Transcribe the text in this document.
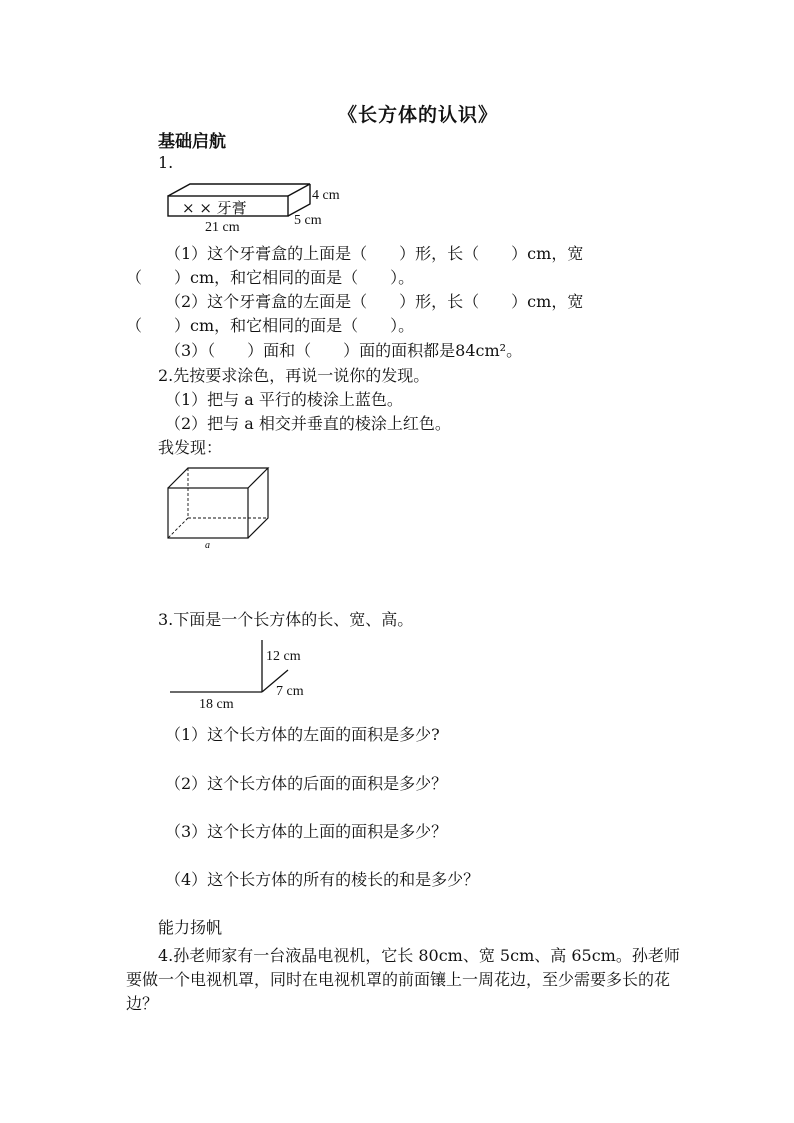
《长方体的认识》
基础启航
1.
× × 牙膏
21 cm	5 cm
4 cm
（1）这个牙膏盒的上面是（　　）形，长（　　）cm，宽
（　　）cm，和它相同的面是（　　）。
（2）这个牙膏盒的左面是（　　）形，长（　　）cm，宽
（　　）cm，和它相同的面是（　　）。
（3）（　　）面和（　　）面的面积都是84cm²。
2.先按要求涂色，再说一说你的发现。
（1）把与 a 平行的棱涂上蓝色。
（2）把与 a 相交并垂直的棱涂上红色。
我发现：
a
3.下面是一个长方体的长、宽、高。
18 cm
7 cm
12 cm
（1）这个长方体的左面的面积是多少?
（2）这个长方体的后面的面积是多少？
（3）这个长方体的上面的面积是多少？
（4）这个长方体的所有的棱长的和是多少？
能力扬帆
4.孙老师家有一台液晶电视机，它长 80cm、宽 5cm、高 65cm。孙老师要做一个电视机罩，同时在电视机罩的前面镶上一周花边，至少需要多长的花边？
